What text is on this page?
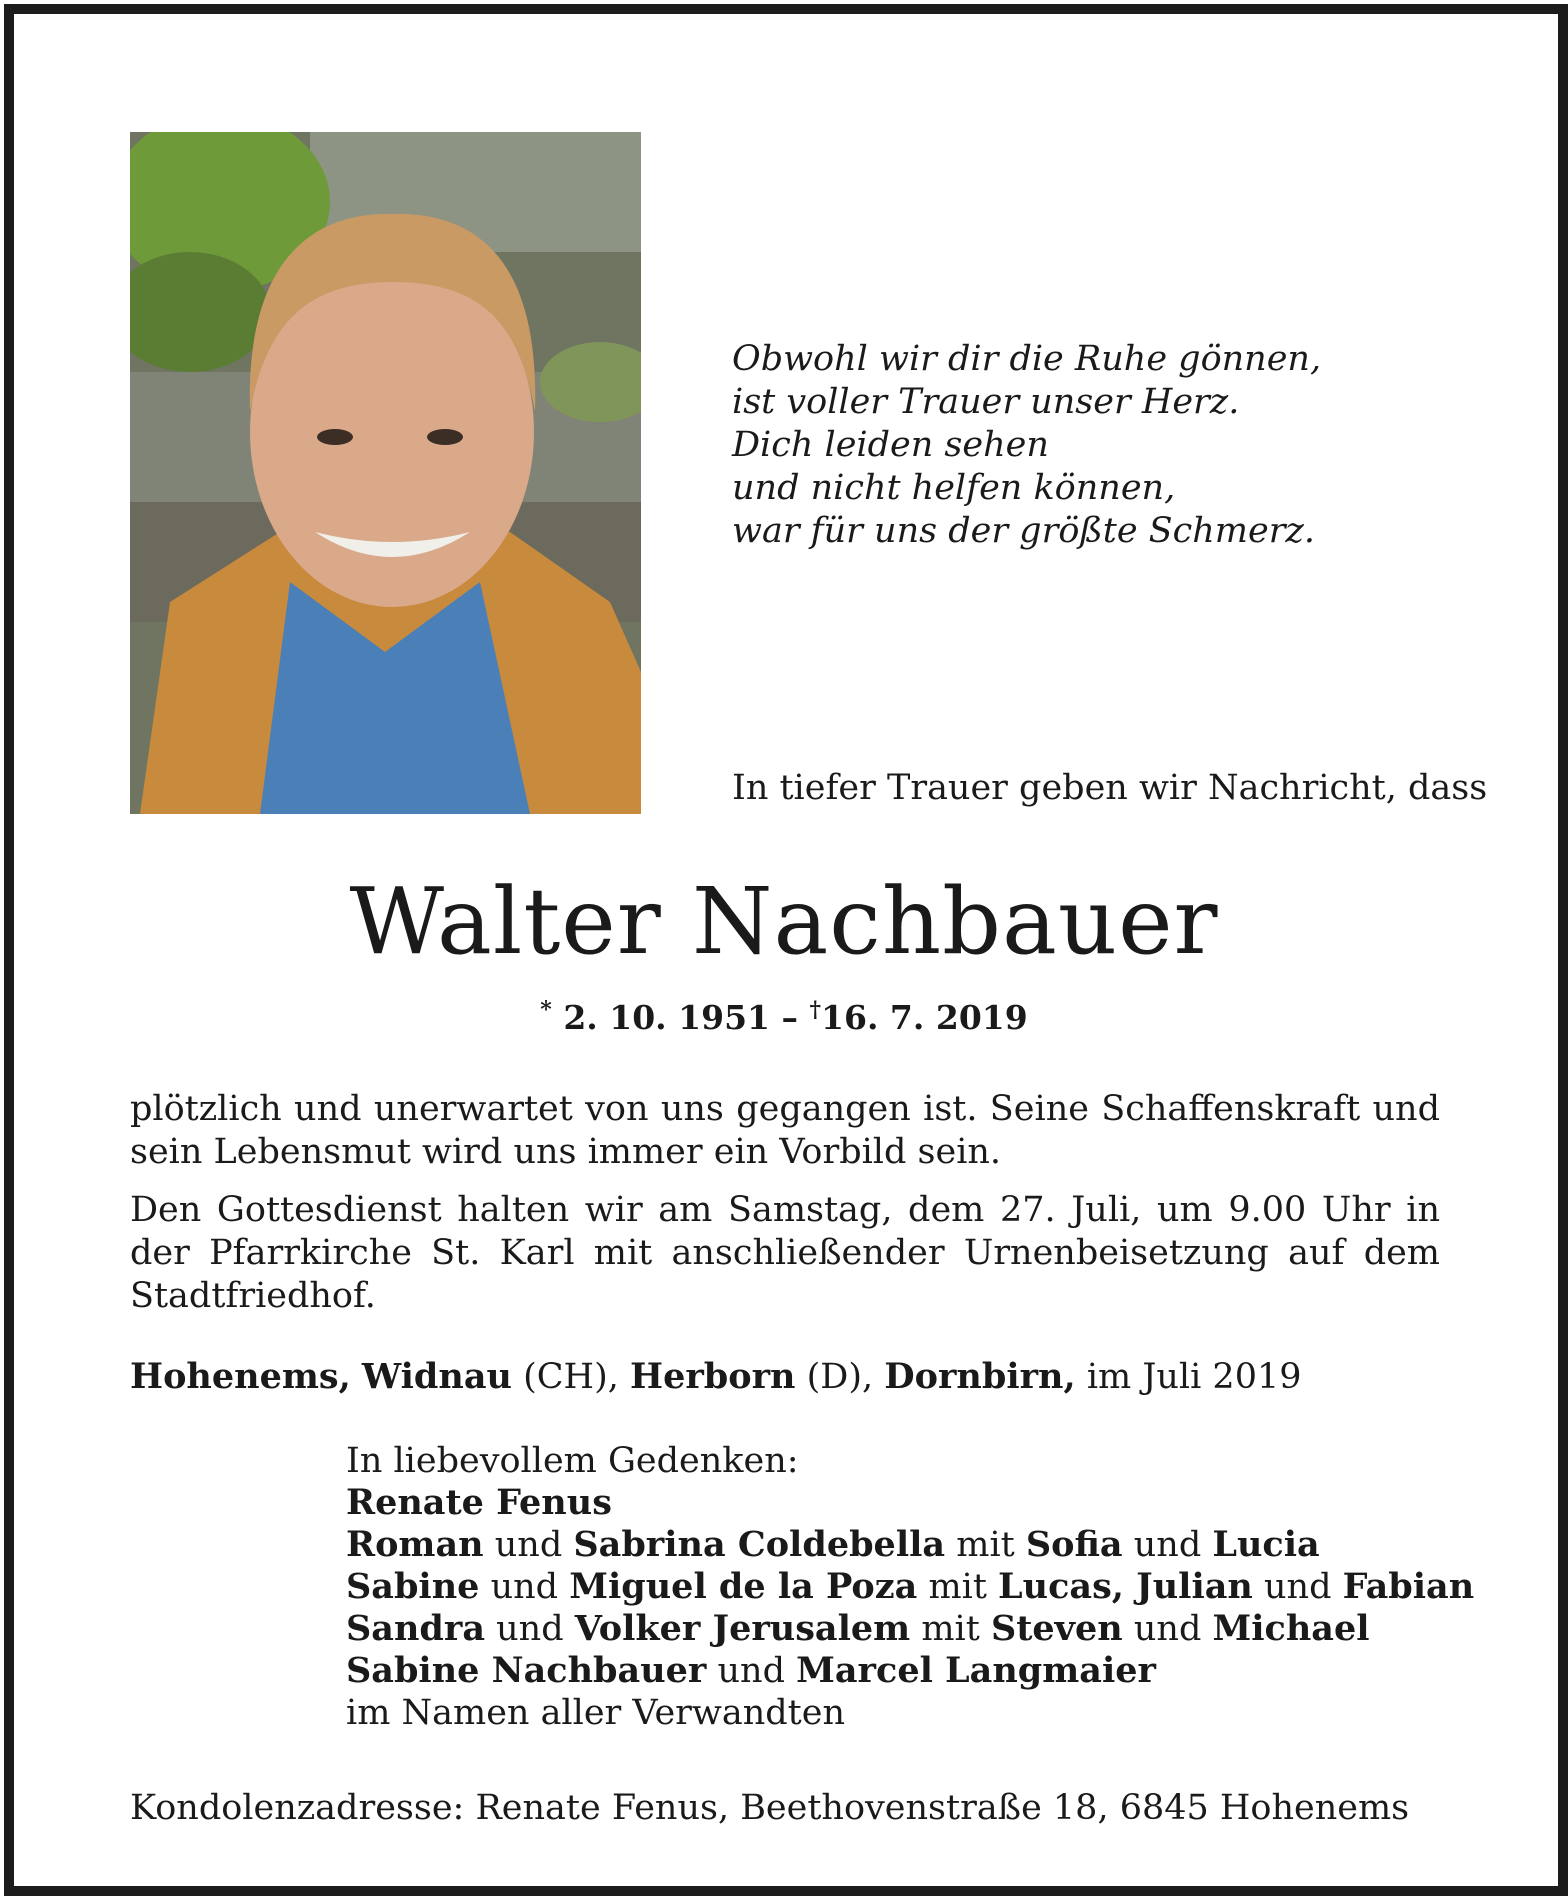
Obwohl wir dir die Ruhe gönnen,
ist voller Trauer unser Herz.
Dich leiden sehen
und nicht helfen können,
war für uns der größte Schmerz.
In tiefer Trauer geben wir Nachricht, dass
Walter Nachbauer
* 2. 10. 1951 – †16. 7. 2019
plötzlich und unerwartet von uns gegangen ist. Seine Schaffenskraft und sein Lebensmut wird uns immer ein Vorbild sein.
Den Gottesdienst halten wir am Samstag, dem 27. Juli, um 9.00 Uhr in der Pfarrkirche St. Karl mit anschließender Urnenbeisetzung auf dem Stadtfriedhof.
Hohenems, Widnau (CH), Herborn (D), Dornbirn, im Juli 2019
In liebevollem Gedenken:
Renate Fenus
Roman und Sabrina Coldebella mit Sofia und Lucia
Sabine und Miguel de la Poza mit Lucas, Julian und Fabian
Sandra und Volker Jerusalem mit Steven und Michael
Sabine Nachbauer und Marcel Langmaier
im Namen aller Verwandten
Kondolenzadresse: Renate Fenus, Beethovenstraße 18, 6845 Hohenems
